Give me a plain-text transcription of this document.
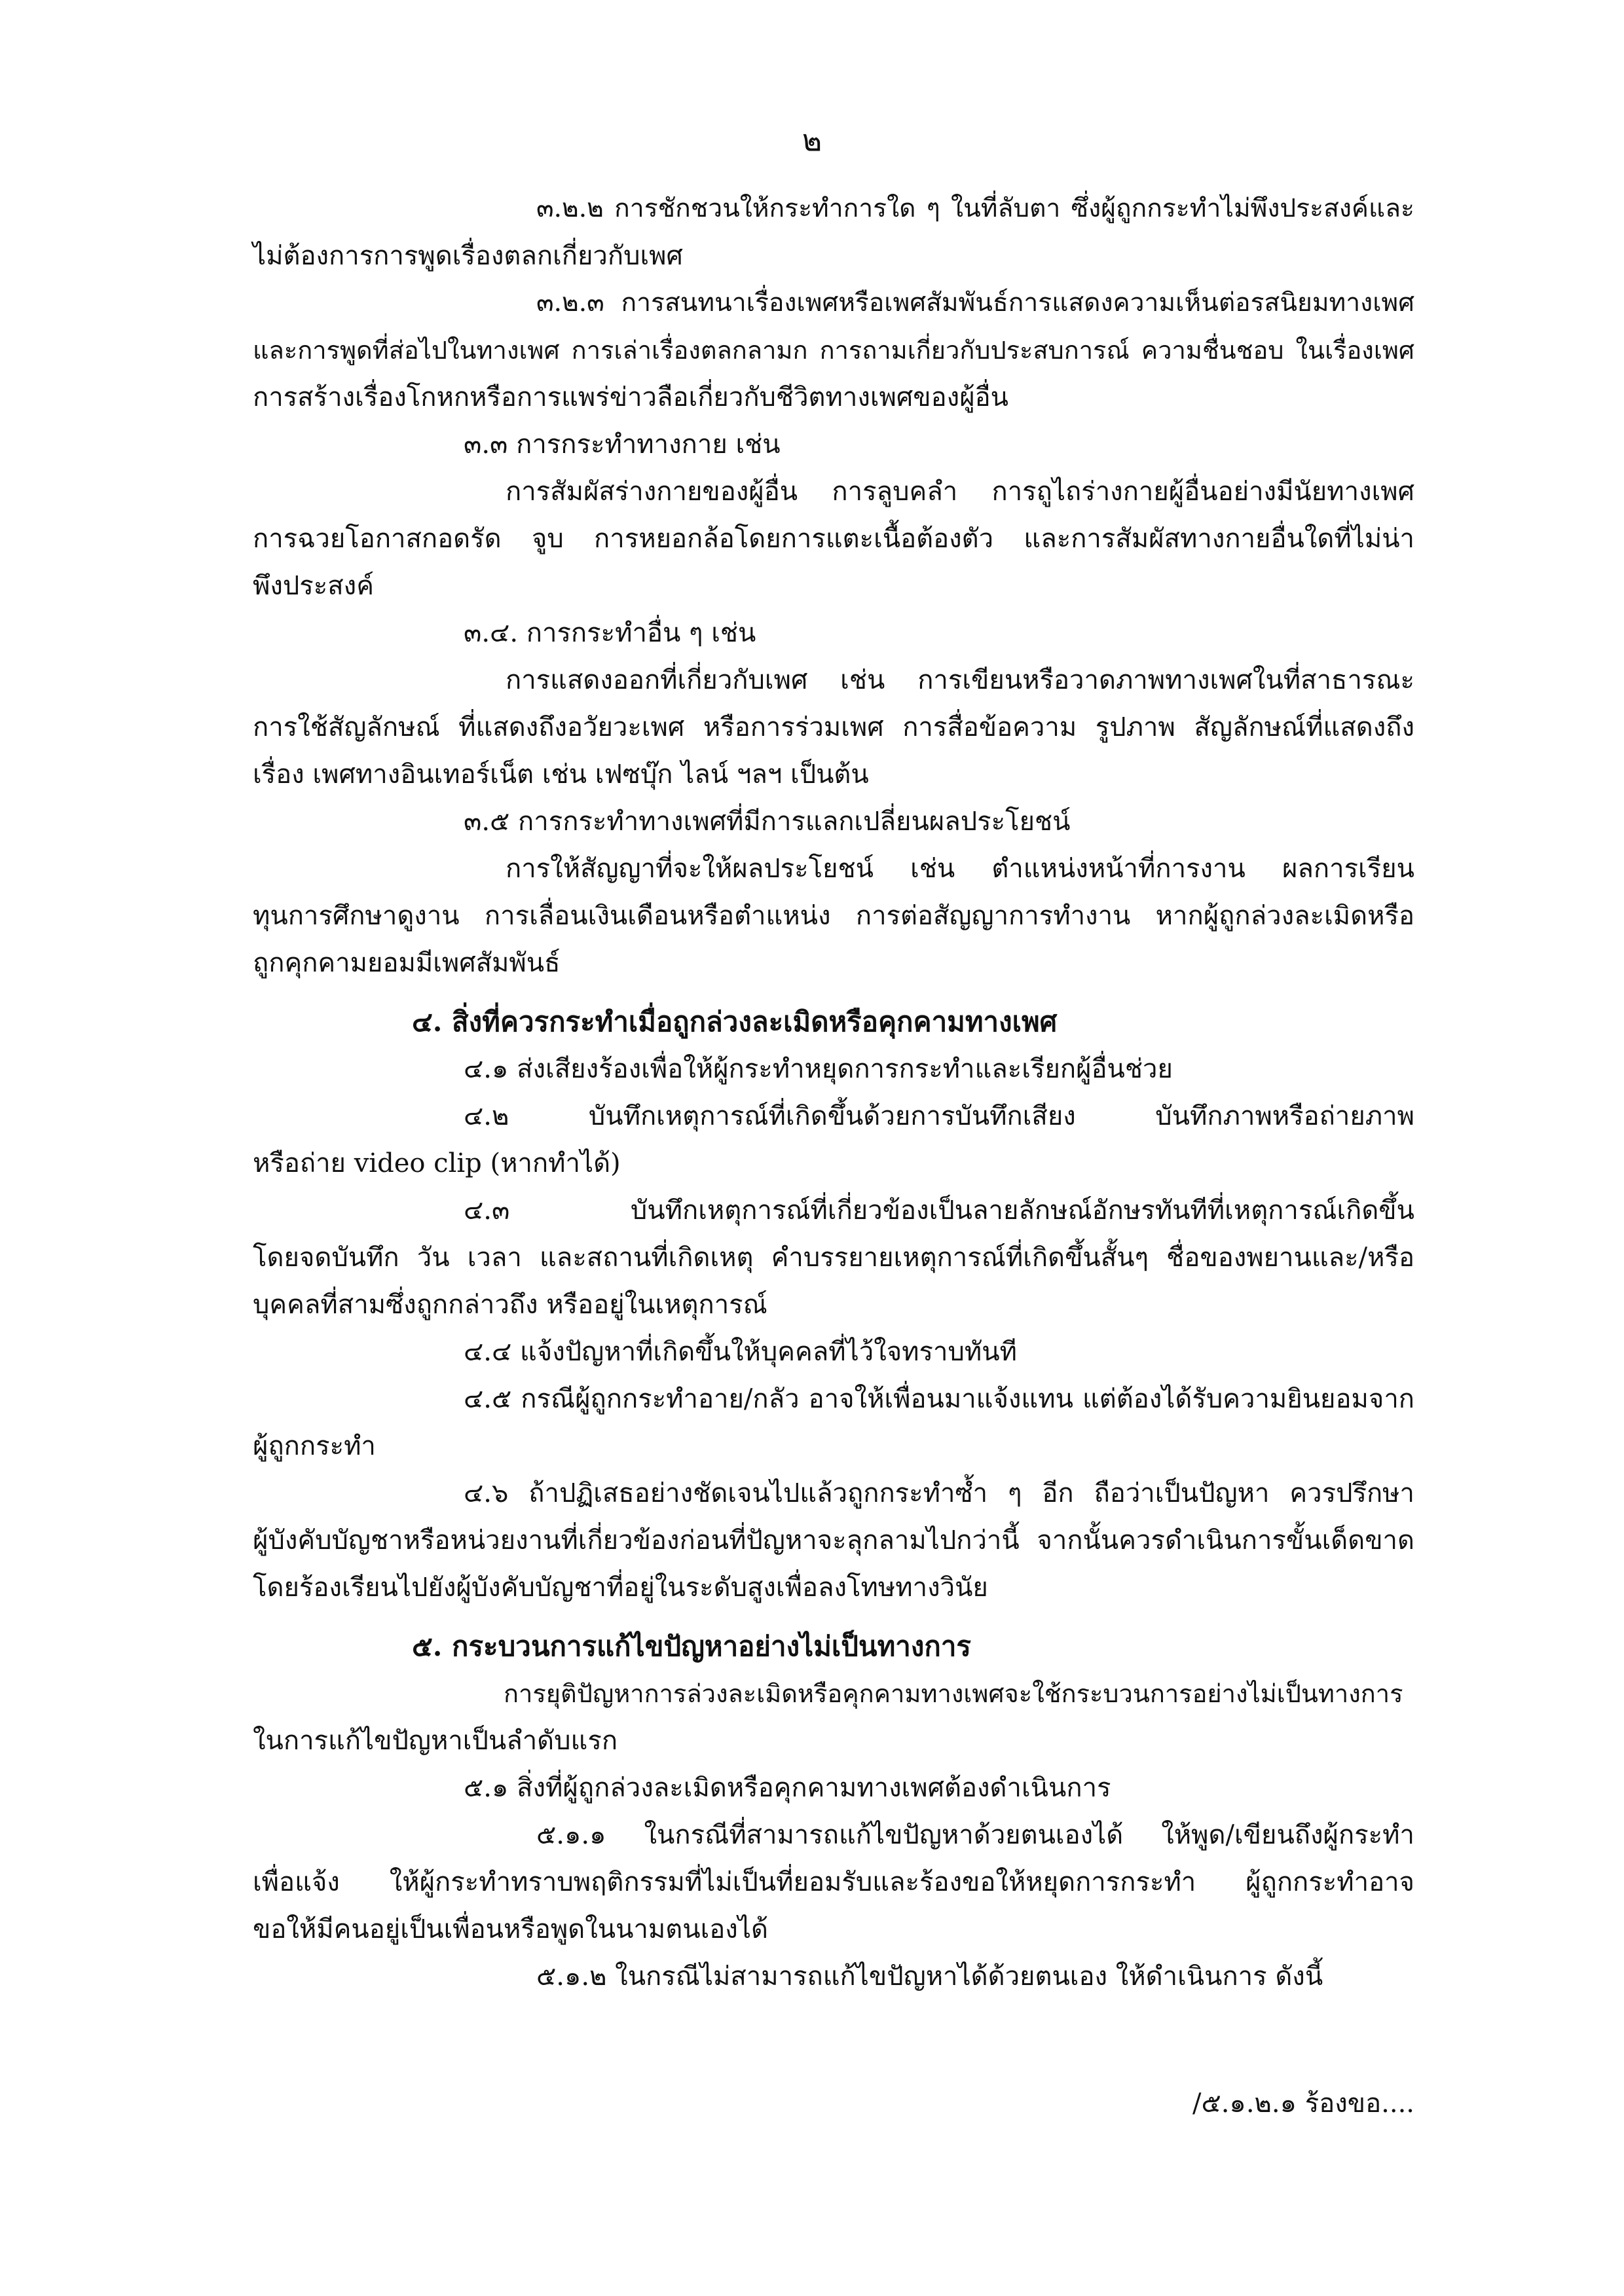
๒
๓.๒.๒ การชักชวนให้กระทำการใด ๆ ในที่ลับตา ซึ่งผู้ถูกกระทำไม่พึงประสงค์และ
ไม่ต้องการการพูดเรื่องตลกเกี่ยวกับเพศ
๓.๒.๓ การสนทนาเรื่องเพศหรือเพศสัมพันธ์การแสดงความเห็นต่อรสนิยมทางเพศ
และการพูดที่ส่อไปในทางเพศ การเล่าเรื่องตลกลามก การถามเกี่ยวกับประสบการณ์ ความชื่นชอบ ในเรื่องเพศ
การสร้างเรื่องโกหกหรือการแพร่ข่าวลือเกี่ยวกับชีวิตทางเพศของผู้อื่น
๓.๓ การกระทำทางกาย เช่น
การสัมผัสร่างกายของผู้อื่น การลูบคลำ การถูไถร่างกายผู้อื่นอย่างมีนัยทางเพศ
การฉวยโอกาสกอดรัด จูบ การหยอกล้อโดยการแตะเนื้อต้องตัว และการสัมผัสทางกายอื่นใดที่ไม่น่า
พึงประสงค์
๓.๔. การกระทำอื่น ๆ เช่น
การแสดงออกที่เกี่ยวกับเพศ เช่น การเขียนหรือวาดภาพทางเพศในที่สาธารณะ
การใช้สัญลักษณ์ ที่แสดงถึงอวัยวะเพศ หรือการร่วมเพศ การสื่อข้อความ รูปภาพ สัญลักษณ์ที่แสดงถึง
เรื่อง เพศทางอินเทอร์เน็ต เช่น เฟซบุ๊ก ไลน์ ฯลฯ เป็นต้น
๓.๕ การกระทำทางเพศที่มีการแลกเปลี่ยนผลประโยชน์
การให้สัญญาที่จะให้ผลประโยชน์ เช่น ตำแหน่งหน้าที่การงาน ผลการเรียน
ทุนการศึกษาดูงาน การเลื่อนเงินเดือนหรือตำแหน่ง การต่อสัญญาการทำงาน หากผู้ถูกล่วงละเมิดหรือ
ถูกคุกคามยอมมีเพศสัมพันธ์
๔. สิ่งที่ควรกระทำเมื่อถูกล่วงละเมิดหรือคุกคามทางเพศ
๔.๑ ส่งเสียงร้องเพื่อให้ผู้กระทำหยุดการกระทำและเรียกผู้อื่นช่วย
๔.๒ บันทึกเหตุการณ์ที่เกิดขึ้นด้วยการบันทึกเสียง บันทึกภาพหรือถ่ายภาพ
หรือถ่าย video clip (หากทำได้)
๔.๓ บันทึกเหตุการณ์ที่เกี่ยวข้องเป็นลายลักษณ์อักษรทันทีที่เหตุการณ์เกิดขึ้น
โดยจดบันทึก วัน เวลา และสถานที่เกิดเหตุ คำบรรยายเหตุการณ์ที่เกิดขึ้นสั้นๆ ชื่อของพยานและ/หรือ
บุคคลที่สามซึ่งถูกกล่าวถึง หรืออยู่ในเหตุการณ์
๔.๔ แจ้งปัญหาที่เกิดขึ้นให้บุคคลที่ไว้ใจทราบทันที
๔.๕ กรณีผู้ถูกกระทำอาย/กลัว อาจให้เพื่อนมาแจ้งแทน แต่ต้องได้รับความยินยอมจาก
ผู้ถูกกระทำ
๔.๖ ถ้าปฏิเสธอย่างชัดเจนไปแล้วถูกกระทำซ้ำ ๆ อีก ถือว่าเป็นปัญหา ควรปรึกษา
ผู้บังคับบัญชาหรือหน่วยงานที่เกี่ยวข้องก่อนที่ปัญหาจะลุกลามไปกว่านี้ จากนั้นควรดำเนินการขั้นเด็ดขาด
โดยร้องเรียนไปยังผู้บังคับบัญชาที่อยู่ในระดับสูงเพื่อลงโทษทางวินัย
๕. กระบวนการแก้ไขปัญหาอย่างไม่เป็นทางการ
การยุติปัญหาการล่วงละเมิดหรือคุกคามทางเพศจะใช้กระบวนการอย่างไม่เป็นทางการ
ในการแก้ไขปัญหาเป็นลำดับแรก
๕.๑ สิ่งที่ผู้ถูกล่วงละเมิดหรือคุกคามทางเพศต้องดำเนินการ
๕.๑.๑ ในกรณีที่สามารถแก้ไขปัญหาด้วยตนเองได้ ให้พูด/เขียนถึงผู้กระทำ
เพื่อแจ้ง ให้ผู้กระทำทราบพฤติกรรมที่ไม่เป็นที่ยอมรับและร้องขอให้หยุดการกระทำ ผู้ถูกกระทำอาจ
ขอให้มีคนอยู่เป็นเพื่อนหรือพูดในนามตนเองได้
๕.๑.๒ ในกรณีไม่สามารถแก้ไขปัญหาได้ด้วยตนเอง ให้ดำเนินการ ดังนี้
/๕.๑.๒.๑ ร้องขอ....
